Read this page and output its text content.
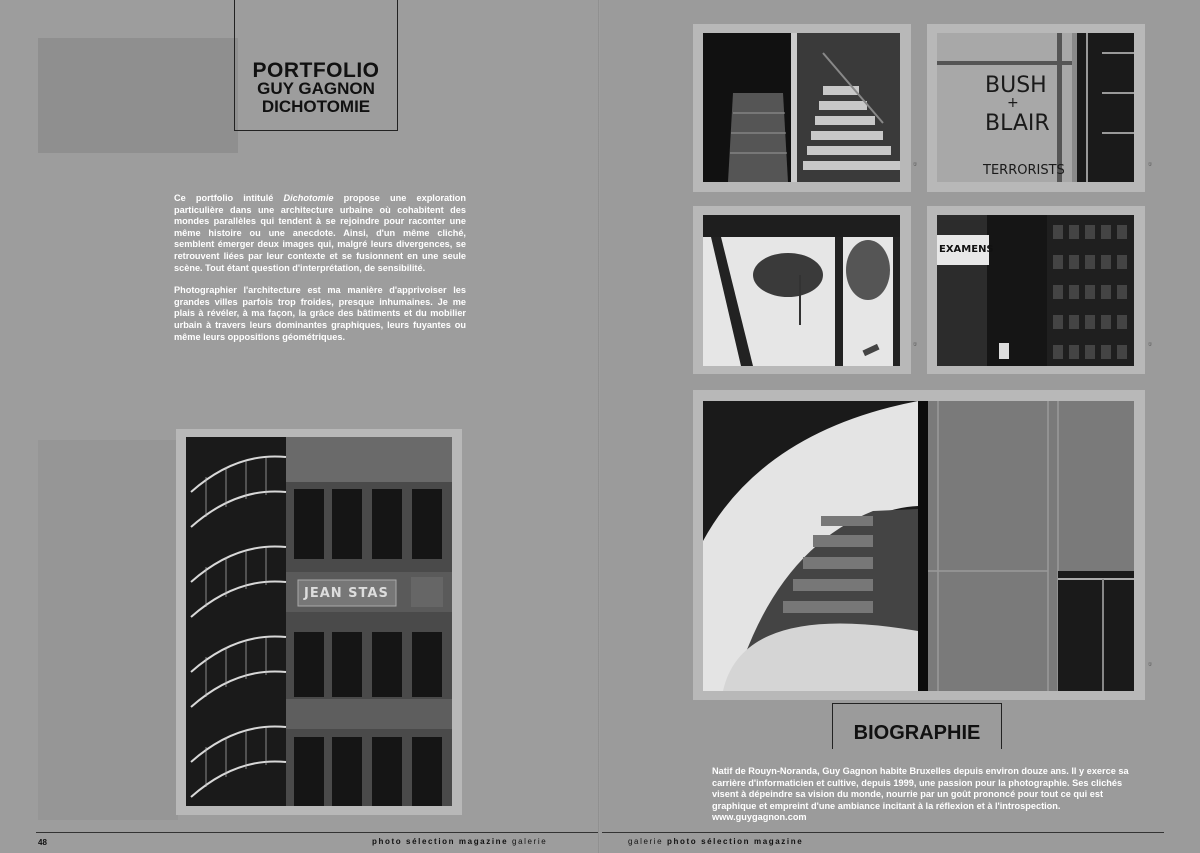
PORTFOLIO
GUY GAGNON
DICHOTOMIE

Ce portfolio intitulé Dichotomie propose une exploration particulière dans une architecture urbaine où cohabitent des mondes parallèles qui tendent à se rejoindre pour raconter une même histoire ou une anecdote. Ainsi, d'un même cliché, semblent émerger deux images qui, malgré leurs divergences, se retrouvent liées par leur contexte et se fusionnent en une seule scène. Tout étant question d'interprétation, de sensibilité.

Photographier l'architecture est ma manière d'apprivoiser les grandes villes parfois trop froides, presque inhumaines. Je me plais à révéler, à ma façon, la grâce des bâtiments et du mobilier urbain à travers leurs dominantes graphiques, leurs fuyantes ou même leurs oppositions géométriques.

JEAN STAS
48	photo sélection magazine galerie	galerie photo sélection magazine
©
BUSH
+
BLAIR
TERRORISTS	©
©
EXAMENS
©
©
BIOGRAPHIE
Natif de Rouyn-Noranda, Guy Gagnon habite Bruxelles depuis environ douze ans. Il y exerce sa carrière d'informaticien et cultive, depuis 1999, une passion pour la photographie. Ses clichés visent à dépeindre sa vision du monde, nourrie par un goût prononcé pour tout ce qui est graphique et empreint d'une ambiance incitant à la réflexion et à l'introspection.
www.guygagnon.com
